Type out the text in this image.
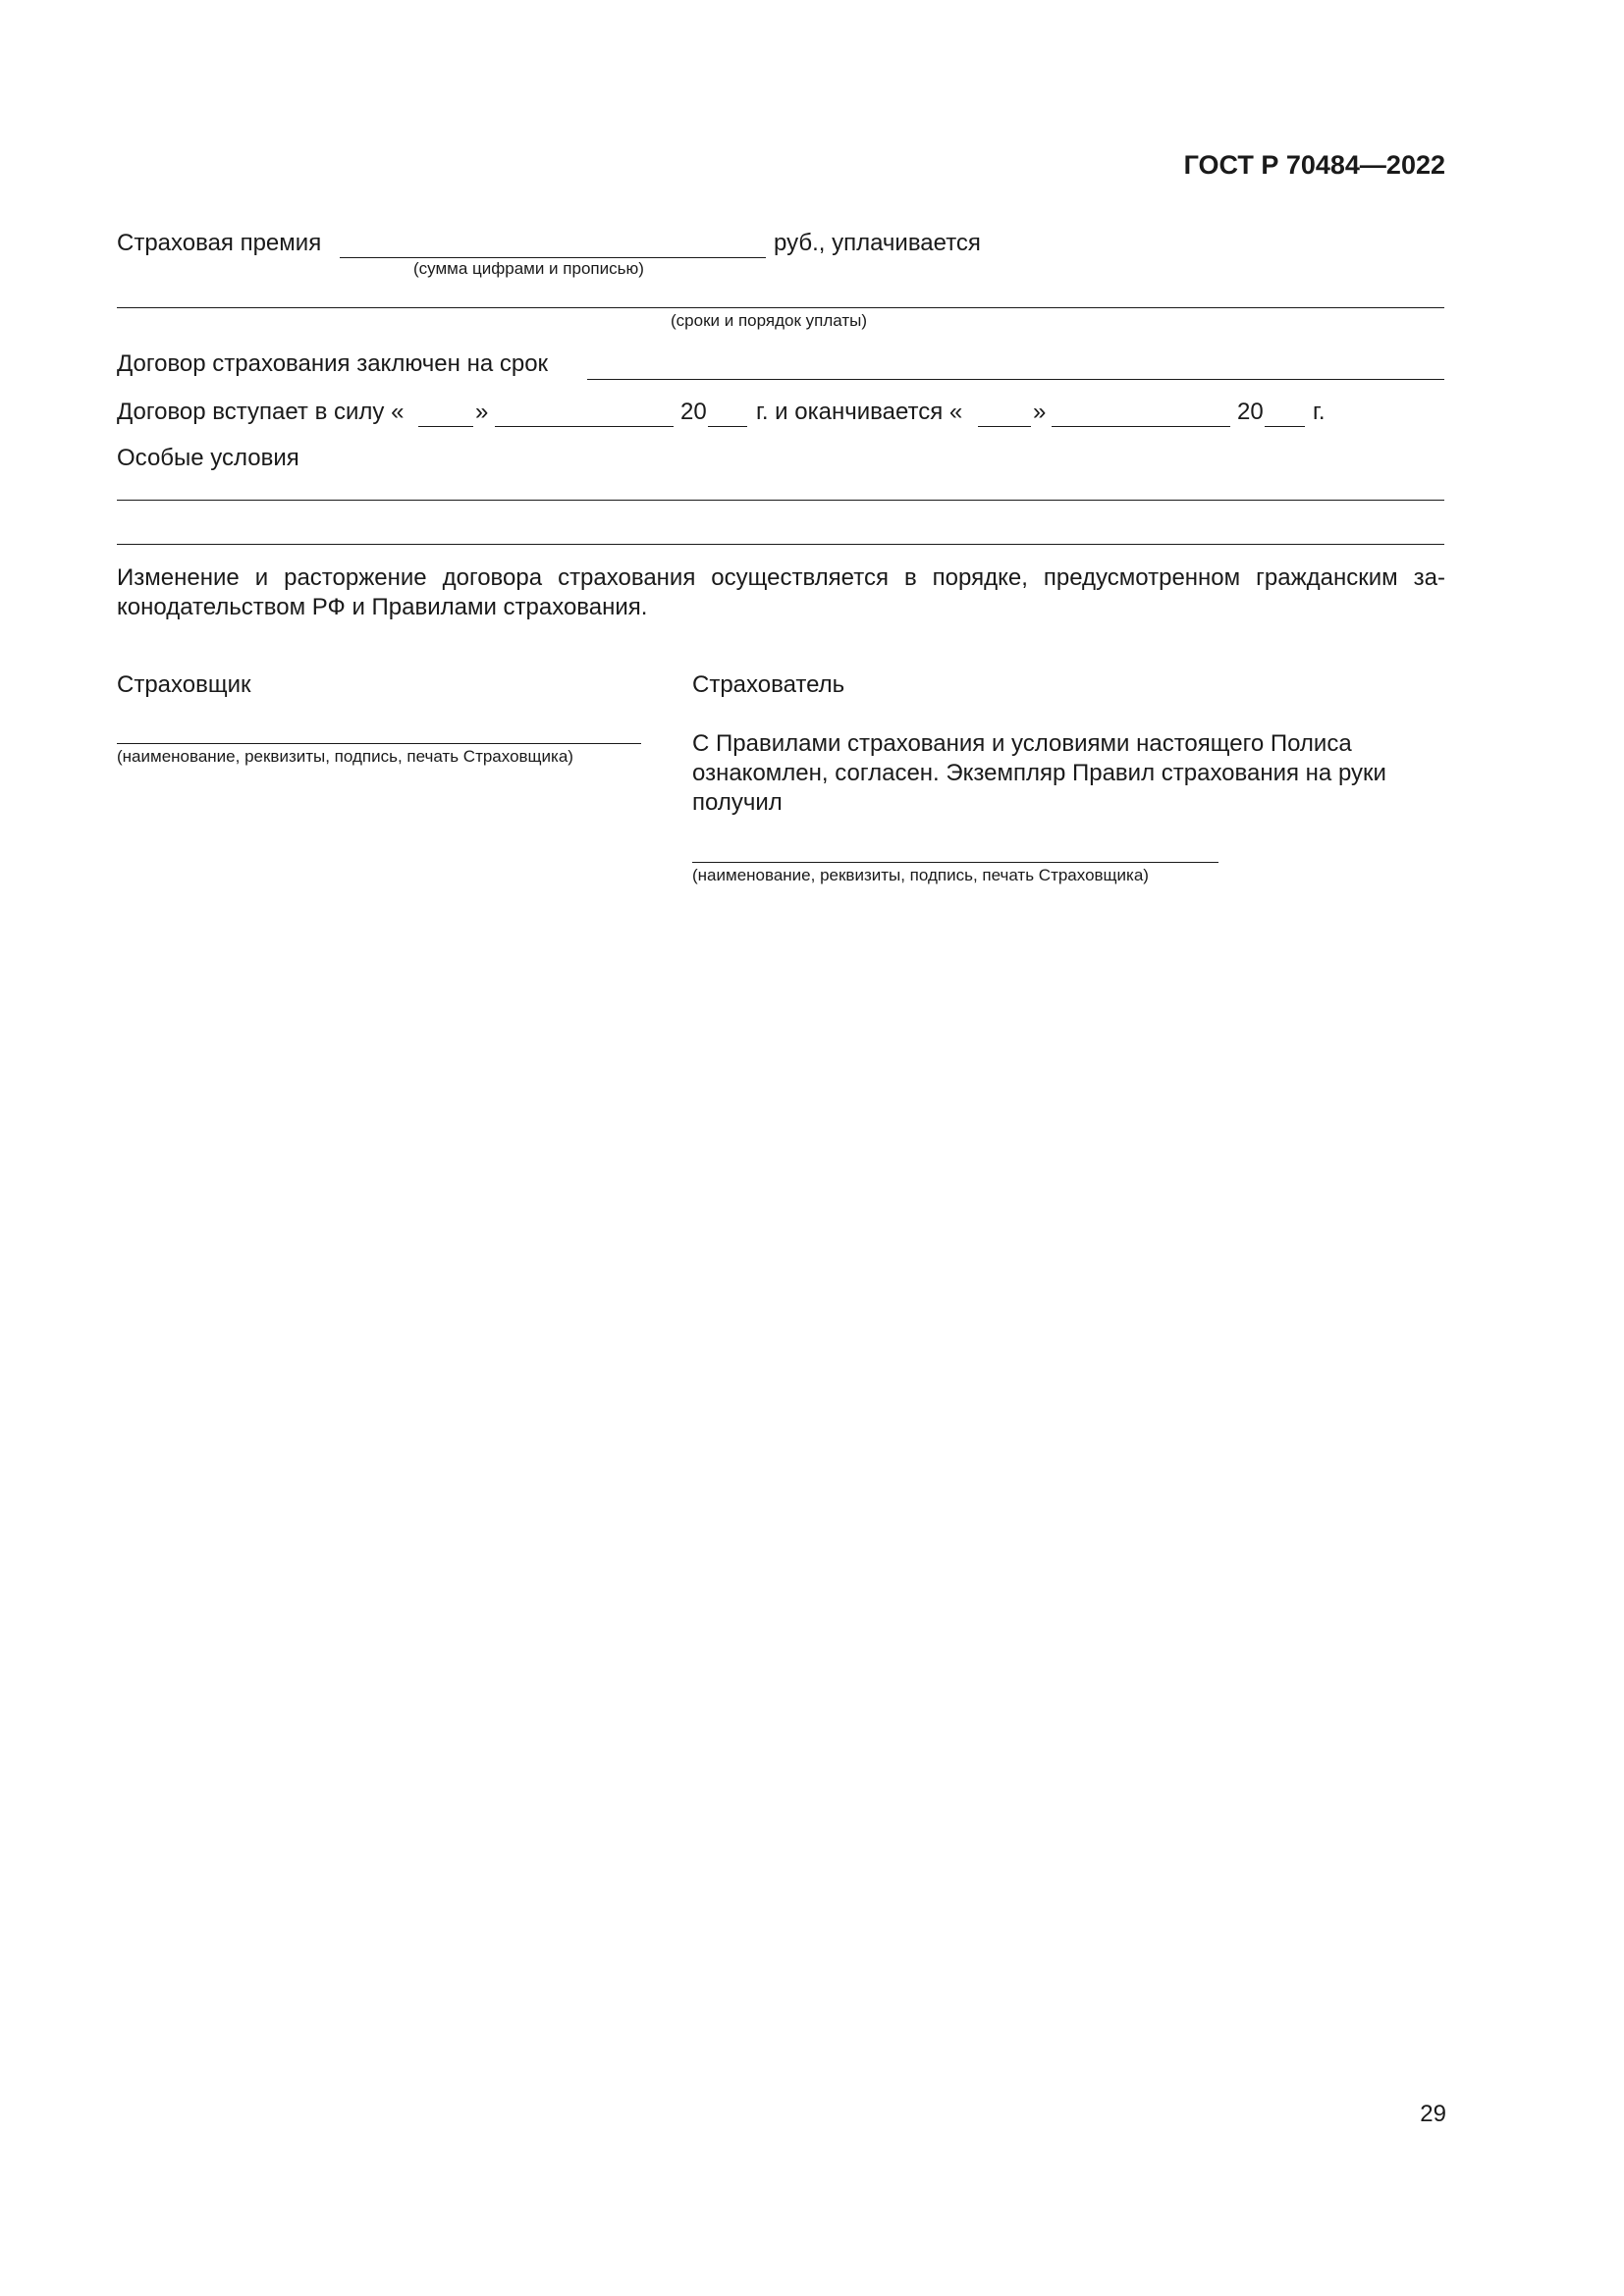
ГОСТ Р 70484—2022
Страховая премия	руб., уплачивается
(сумма цифрами и прописью)
(сроки и порядок уплаты)
Договор страхования заключен на срок
Договор вступает в силу «	»	20 г. и оканчивается «	»	20 г.
Особые условия
Изменение и расторжение договора страхования осуществляется в порядке, предусмотренном гражданским за-конодательством РФ и Правилами страхования.
Страховщик
(наименование, реквизиты, подпись, печать Страховщика)
Страхователь
С Правилами страхования и условиями настоящего Полиса ознакомлен, согласен. Экземпляр Правил страхования на руки получил
(наименование, реквизиты, подпись, печать Страховщика)
29
